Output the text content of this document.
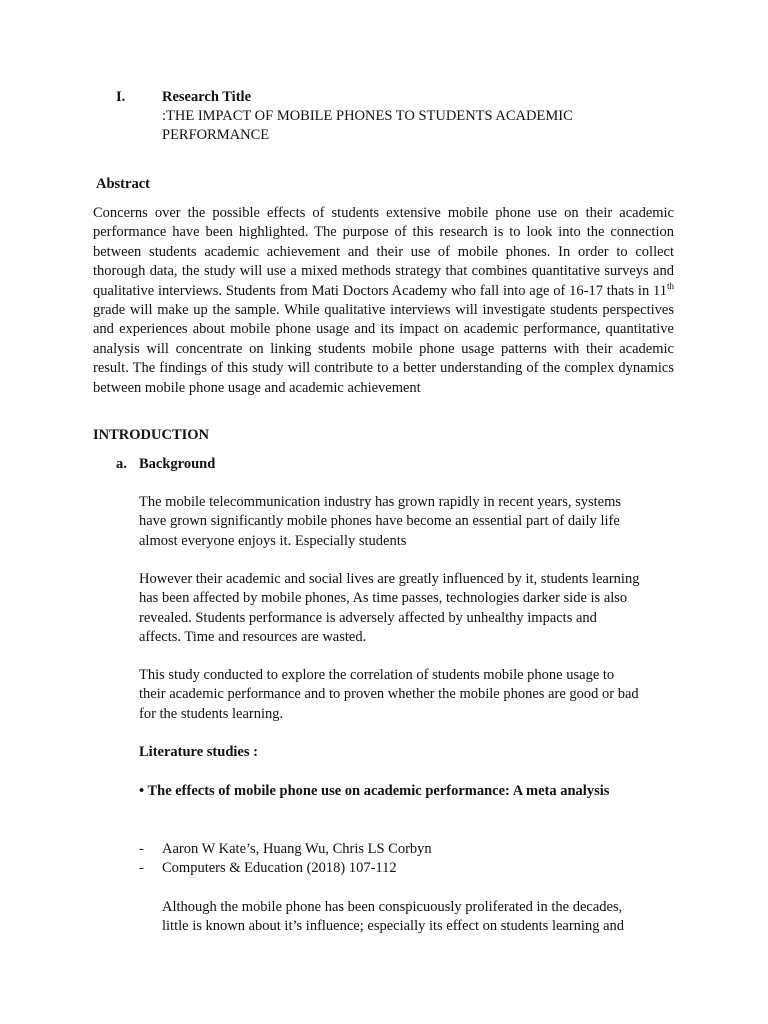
I.	Research Title
:THE IMPACT OF MOBILE PHONES TO STUDENTS ACADEMIC
PERFORMANCE
Abstract

Concerns over the possible effects of students extensive mobile phone use on their academic performance have been highlighted. The purpose of this research is to look into the connection between students academic achievement and their use of mobile phones. In order to collect thorough data, the study will use a mixed methods strategy that combines quantitative surveys and qualitative interviews. Students from Mati Doctors Academy who fall into age of 16-17 thats in 11th grade will make up the sample. While qualitative interviews will investigate students perspectives and experiences about mobile phone usage and its impact on academic performance, quantitative analysis will concentrate on linking students mobile phone usage patterns with their academic result. The findings of this study will contribute to a better understanding of the complex dynamics between mobile phone usage and academic achievement

INTRODUCTION
a. Background
The mobile telecommunication industry has grown rapidly in recent years, systems
have grown significantly mobile phones have become an essential part of daily life
almost everyone enjoys it. Especially students
However their academic and social lives are greatly influenced by it, students learning
has been affected by mobile phones, As time passes, technologies darker side is also
revealed. Students performance is adversely affected by unhealthy impacts and
affects. Time and resources are wasted.
This study conducted to explore the correlation of students mobile phone usage to
their academic performance and to proven whether the mobile phones are good or bad
for the students learning.
Literature studies :
• The effects of mobile phone use on academic performance: A meta analysis
- Aaron W Kate’s, Huang Wu, Chris LS Corbyn
- Computers & Education (2018) 107-112
Although the mobile phone has been conspicuously proliferated in the decades,
little is known about it’s influence; especially its effect on students learning and
